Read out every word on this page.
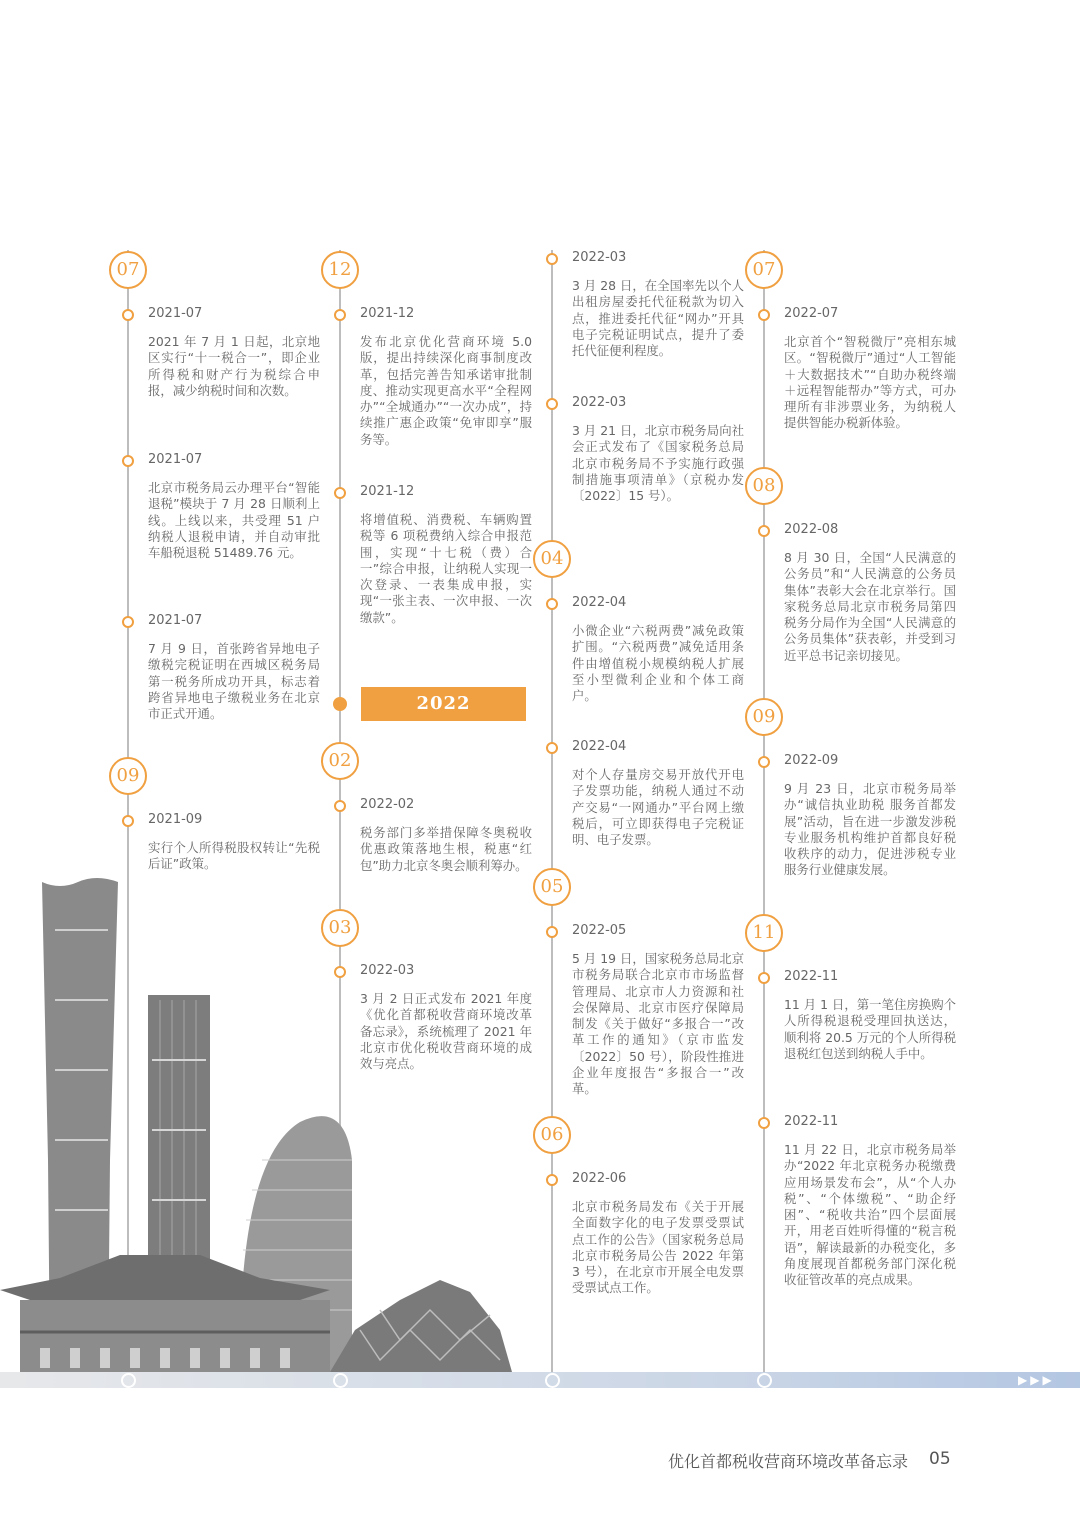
07
2021-07

2021 年 7 月 1 日起，北京地区实行“十一税合一”，即企业所得税和财产行为税综合申报，减少纳税时间和次数。

2021-07

北京市税务局云办理平台“智能退税”模块于 7 月 28 日顺利上线。上线以来，共受理 51 户纳税人退税申请，并自动审批车船税退税 51489.76 元。

2021-07

7 月 9 日，首张跨省异地电子缴税完税证明在西城区税务局第一税务所成功开具，标志着跨省异地电子缴税业务在北京市正式开通。

09
2021-09

实行个人所得税股权转让“先税后证”政策。

12
2021-12

发布北京优化营商环境 5.0 版，提出持续深化商事制度改革，包括完善告知承诺审批制度、推动实现更高水平“全程网办”“全城通办”“一次办成”，持续推广惠企政策“免审即享”服务等。

2021-12

将增值税、消费税、车辆购置税等 6 项税费纳入综合申报范围，实现“十七税（费）合一”综合申报，让纳税人实现一次登录、一表集成申报，实现“一张主表、一次申报、一次缴款”。

2022
02
2022-02

税务部门多举措保障冬奥税收优惠政策落地生根，税惠“红包”助力北京冬奥会顺利筹办。

03
2022-03

3 月 2 日正式发布 2021 年度《优化首都税收营商环境改革备忘录》，系统梳理了 2021 年北京市优化税收营商环境的成效与亮点。

2022-03

3 月 28 日，在全国率先以个人出租房屋委托代征税款为切入点，推进委托代征“网办”开具电子完税证明试点，提升了委托代征便利程度。

2022-03

3 月 21 日，北京市税务局向社会正式发布了《国家税务总局北京市税务局不予实施行政强制措施事项清单》（京税办发〔2022〕15 号）。

04
2022-04

小微企业“六税两费”减免政策扩围。“六税两费”减免适用条件由增值税小规模纳税人扩展至小型微利企业和个体工商户。

2022-04

对个人存量房交易开放代开电子发票功能，纳税人通过不动产交易“一网通办”平台网上缴税后，可立即获得电子完税证明、电子发票。

05
2022-05

5 月 19 日，国家税务总局北京市税务局联合北京市市场监督管理局、北京市人力资源和社会保障局、北京市医疗保障局制发《关于做好“多报合一”改革工作的通知》（京市监发〔2022〕50 号），阶段性推进企业年度报告“多报合一”改革。

06
2022-06

北京市税务局发布《关于开展全面数字化的电子发票受票试点工作的公告》（国家税务总局北京市税务局公告 2022 年第 3 号），在北京市开展全电发票受票试点工作。

07
2022-07

北京首个“智税微厅”亮相东城区。“智税微厅”通过“人工智能＋大数据技术”“自助办税终端＋远程智能帮办”等方式，可办理所有非涉票业务，为纳税人提供智能办税新体验。

08
2022-08

8 月 30 日，全国“人民满意的公务员”和“人民满意的公务员集体”表彰大会在北京举行。国家税务总局北京市税务局第四税务分局作为全国“人民满意的公务员集体”获表彰，并受到习近平总书记亲切接见。

09
2022-09

9 月 23 日，北京市税务局举办“诚信执业助税 服务首都发展”活动，旨在进一步激发涉税专业服务机构维护首都良好税收秩序的动力，促进涉税专业服务行业健康发展。

11
2022-11

11 月 1 日，第一笔住房换购个人所得税退税受理回执送达，顺利将 20.5 万元的个人所得税退税红包送到纳税人手中。

2022-11

11 月 22 日，北京市税务局举办“2022 年北京税务办税缴费应用场景发布会”，从“个人办税”、“个体缴税”、“助企纾困”、“税收共治”四个层面展开，用老百姓听得懂的“税言税语”，解读最新的办税变化，多角度展现首都税务部门深化税收征管改革的亮点成果。

▶▶▶
优化首都税收营商环境改革备忘录 05
